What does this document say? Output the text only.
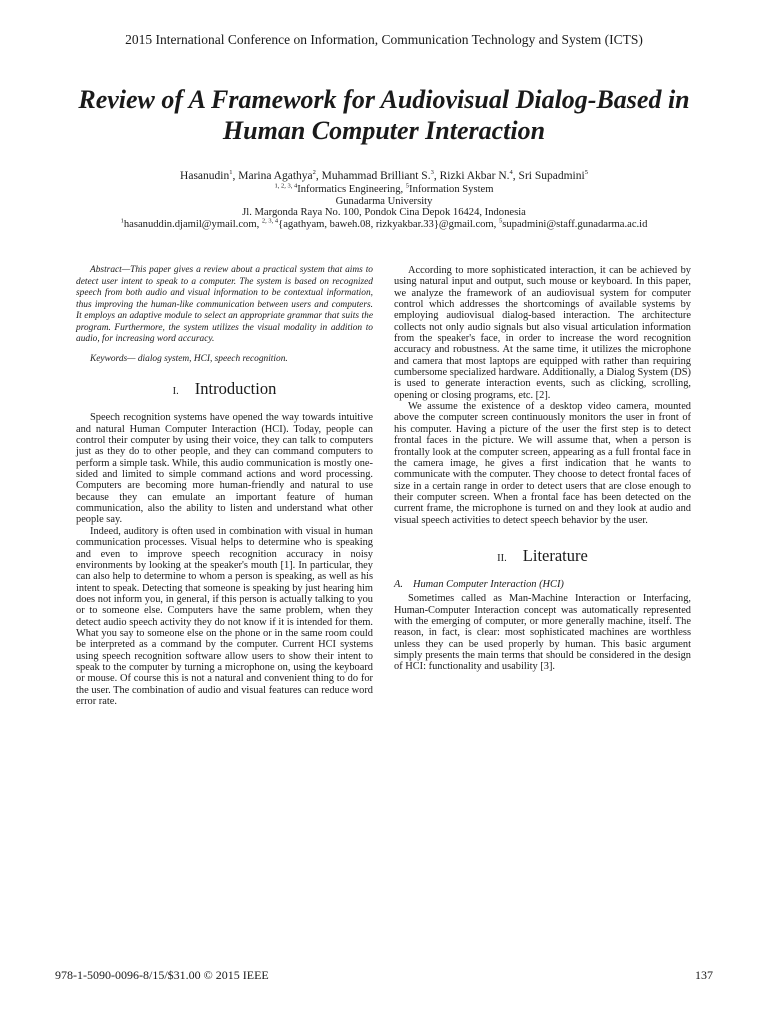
2015 International Conference on Information, Communication Technology and System (ICTS)
Review of A Framework for Audiovisual Dialog-Based in Human Computer Interaction
Hasanudin$^1$, Marina Agathya$^2$, Muhammad Brilliant S.$^3$, Rizki Akbar N.$^4$, Sri Supadmini$^5$
$^{1, 2, 3, 4}$Informatics Engineering, $^5$Information System
Gunadarma University
Jl. Margonda Raya No. 100, Pondok Cina Depok 16424, Indonesia
$^1$hasanuddin.djamil@ymail.com, $^{2, 3, 4}${agathyam, baweh.08, rizkyakbar.33}@gmail.com, $^5$supadmini@staff.gunadarma.ac.id

Abstract—This paper gives a review about a practical system that aims to detect user intent to speak to a computer. The system is based on recognized speech from both audio and visual information to be contextual information, thus improving the human-like communication between users and computers. It employs an adaptive module to select an appropriate grammar that suits the program. Furthermore, the system utilizes the visual modality in addition to audio, for increasing word accuracy.

Keywords— dialog system, HCI, speech recognition.

I. Introduction

Speech recognition systems have opened the way towards intuitive and natural Human Computer Interaction (HCI). Today, people can control their computer by using their voice, they can talk to computers just as they do to other people, and they can command computers to perform a simple task. While, this audio communication is mostly one-sided and limited to simple command actions and word processing. Computers are becoming more human-friendly and natural to use because they can emulate an important feature of human communication, also the ability to listen and understand what other people say.

Indeed, auditory is often used in combination with visual in human communication processes. Visual helps to determine who is speaking and even to improve speech recognition accuracy in noisy environments by looking at the speaker's mouth [1]. In particular, they can also help to determine to whom a person is speaking, as well as his intent to speak. Detecting that someone is speaking by just hearing him does not inform you, in general, if this person is actually talking to you or to someone else. Computers have the same problem, when they detect audio speech activity they do not know if it is intended for them. What you say to someone else on the phone or in the same room could be interpreted as a command by the computer. Current HCI systems using speech recognition software allow users to show their intent to speak to the computer by turning a microphone on, using the keyboard or mouse. Of course this is not a natural and convenient thing to do for the user. The combination of audio and visual features can reduce word error rate.

According to more sophisticated interaction, it can be achieved by using natural input and output, such mouse or keyboard. In this paper, we analyze the framework of an audiovisual system for computer control which addresses the shortcomings of available systems by employing audiovisual dialog-based interaction. The architecture collects not only audio signals but also visual articulation information from the speaker's face, in order to increase the word recognition accuracy and robustness. At the same time, it utilizes the microphone and camera that most laptops are equipped with rather than requiring cumbersome specialized hardware. Additionally, a Dialog System (DS) is used to generate interaction events, such as clicking, scrolling, opening or closing programs, etc. [2].

We assume the existence of a desktop video camera, mounted above the computer screen continuously monitors the user in front of his computer. Having a picture of the user the first step is to detect frontal faces in the picture. We will assume that, when a person is frontally look at the computer screen, appearing as a full frontal face in the camera image, he gives a first indication that he wants to communicate with the computer. They choose to detect frontal faces of size in a certain range in order to detect users that are close enough to their computer screen. When a frontal face has been detected on the current frame, the microphone is turned on and they look at audio and visual speech activities to detect speech behavior by the user.

II. Literature

A. Human Computer Interaction (HCI)

Sometimes called as Man-Machine Interaction or Interfacing, Human-Computer Interaction concept was automatically represented with the emerging of computer, or more generally machine, itself. The reason, in fact, is clear: most sophisticated machines are worthless unless they can be used properly by human. This basic argument simply presents the main terms that should be considered in the design of HCI: functionality and usability [3].

978-1-5090-0096-8/15/$31.00 © 2015 IEEE	137
